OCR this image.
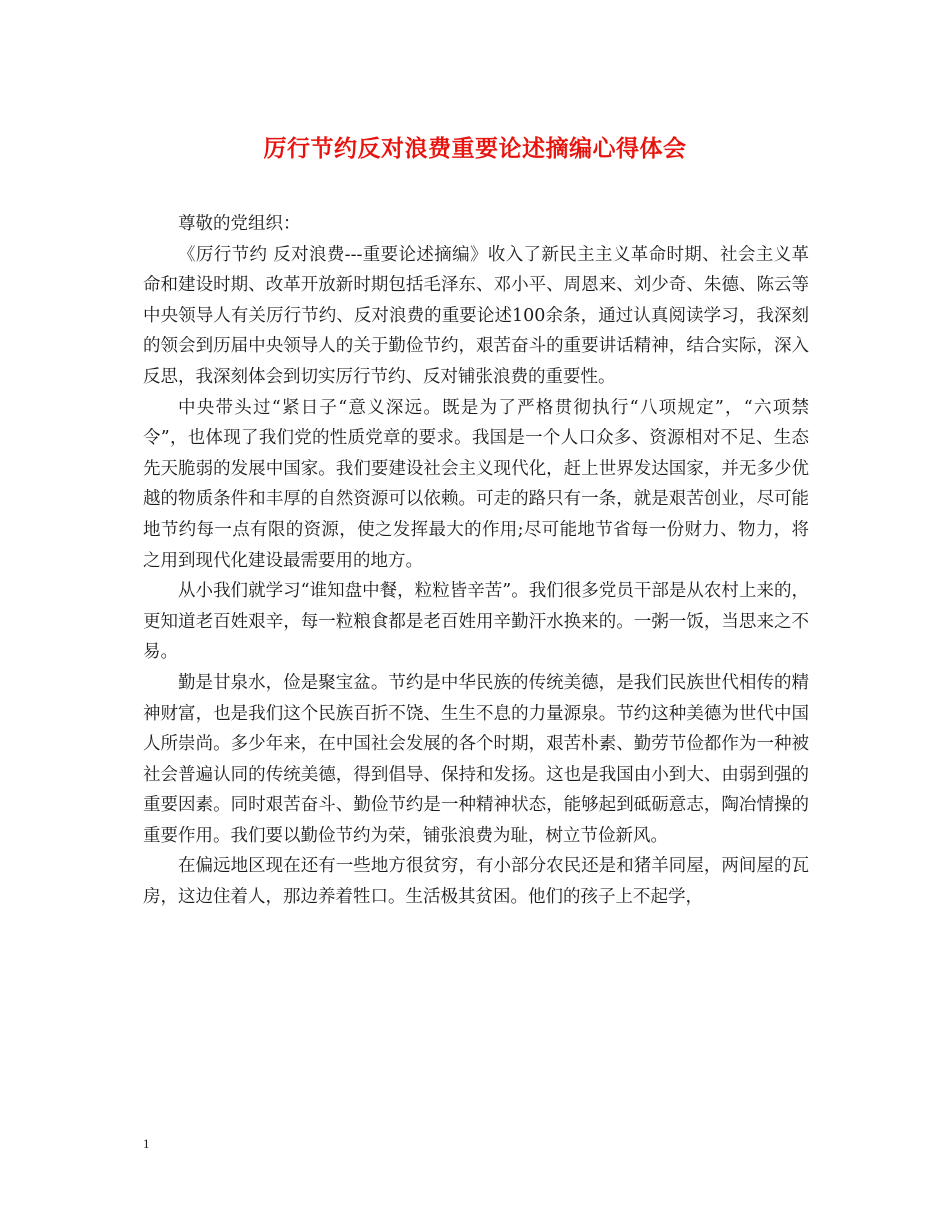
厉行节约反对浪费重要论述摘编心得体会

尊敬的党组织：

《厉行节约 反对浪费---重要论述摘编》收入了新民主主义革命时期、社会主义革命和建设时期、改革开放新时期包括毛泽东、邓小平、周恩来、刘少奇、朱德、陈云等中央领导人有关厉行节约、反对浪费的重要论述100余条，通过认真阅读学习，我深刻的领会到历届中央领导人的关于勤俭节约，艰苦奋斗的重要讲话精神，结合实际，深入反思，我深刻体会到切实厉行节约、反对铺张浪费的重要性。

中央带头过“紧日子“意义深远。既是为了严格贯彻执行“八项规定”，“六项禁令”，也体现了我们党的性质党章的要求。我国是一个人口众多、资源相对不足、生态先天脆弱的发展中国家。我们要建设社会主义现代化，赶上世界发达国家，并无多少优越的物质条件和丰厚的自然资源可以依赖。可走的路只有一条，就是艰苦创业，尽可能地节约每一点有限的资源，使之发挥最大的作用;尽可能地节省每一份财力、物力，将之用到现代化建设最需要用的地方。

从小我们就学习“谁知盘中餐，粒粒皆辛苦”。我们很多党员干部是从农村上来的，更知道老百姓艰辛，每一粒粮食都是老百姓用辛勤汗水换来的。一粥一饭，当思来之不易。

勤是甘泉水，俭是聚宝盆。节约是中华民族的传统美德，是我们民族世代相传的精神财富，也是我们这个民族百折不饶、生生不息的力量源泉。节约这种美德为世代中国人所崇尚。多少年来，在中国社会发展的各个时期，艰苦朴素、勤劳节俭都作为一种被社会普遍认同的传统美德，得到倡导、保持和发扬。这也是我国由小到大、由弱到强的重要因素。同时艰苦奋斗、勤俭节约是一种精神状态，能够起到砥砺意志，陶冶情操的重要作用。我们要以勤俭节约为荣，铺张浪费为耻，树立节俭新风。

在偏远地区现在还有一些地方很贫穷，有小部分农民还是和猪羊同屋，两间屋的瓦房，这边住着人，那边养着牲口。生活极其贫困。他们的孩子上不起学，

1
